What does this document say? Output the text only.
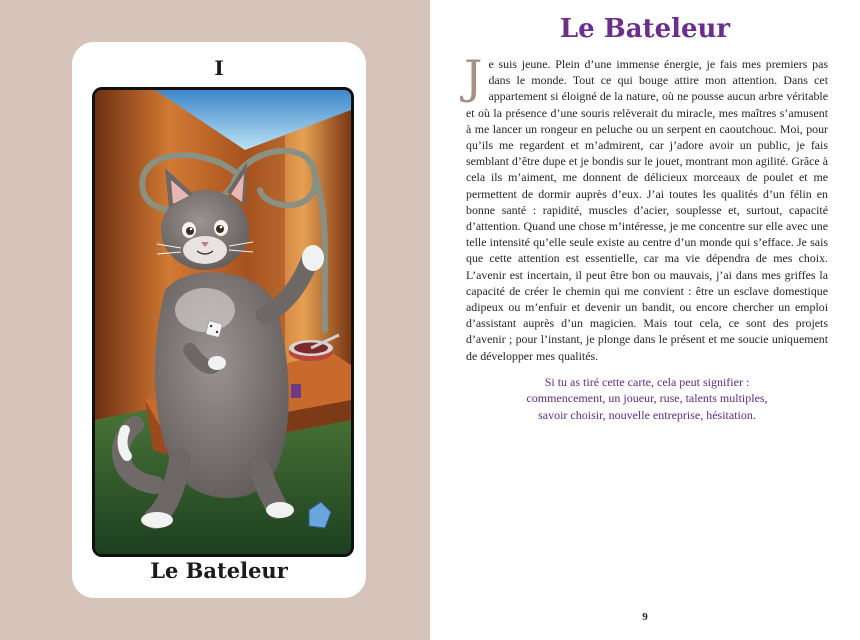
I
Le Bateleur
Le Bateleur

J e suis jeune. Plein d’une immense énergie, je fais mes premiers pas dans le monde. Tout ce qui bouge attire mon attention. Dans cet appartement si éloigné de la nature, où ne pousse aucun arbre véritable et où la présence d’une souris relèverait du miracle, mes maîtres s’amusent à me lancer un rongeur en peluche ou un serpent en caoutchouc. Moi, pour qu’ils me regardent et m’admirent, car j’adore avoir un public, je fais semblant d’être dupe et je bondis sur le jouet, montrant mon agilité. Grâce à cela ils m’aiment, me donnent de délicieux morceaux de poulet et me permettent de dormir auprès d’eux. J’ai toutes les qualités d’un félin en bonne santé : rapidité, muscles d’acier, souplesse et, surtout, capacité d’attention. Quand une chose m’intéresse, je me concentre sur elle avec une telle intensité qu’elle seule existe au centre d’un monde qui s’efface. Je sais que cette attention est essentielle, car ma vie dépendra de mes choix. L’avenir est incertain, il peut être bon ou mauvais, j’ai dans mes griffes la capacité de créer le chemin qui me convient : être un esclave domestique adipeux ou m’enfuir et devenir un bandit, ou encore chercher un emploi d’assistant auprès d’un magicien. Mais tout cela, ce sont des projets d’avenir ; pour l’instant, je plonge dans le présent et me soucie uniquement de développer mes qualités.

Si tu as tiré cette carte, cela peut signifier :
commencement, un joueur, ruse, talents multiples,
savoir choisir, nouvelle entreprise, hésitation.
9
